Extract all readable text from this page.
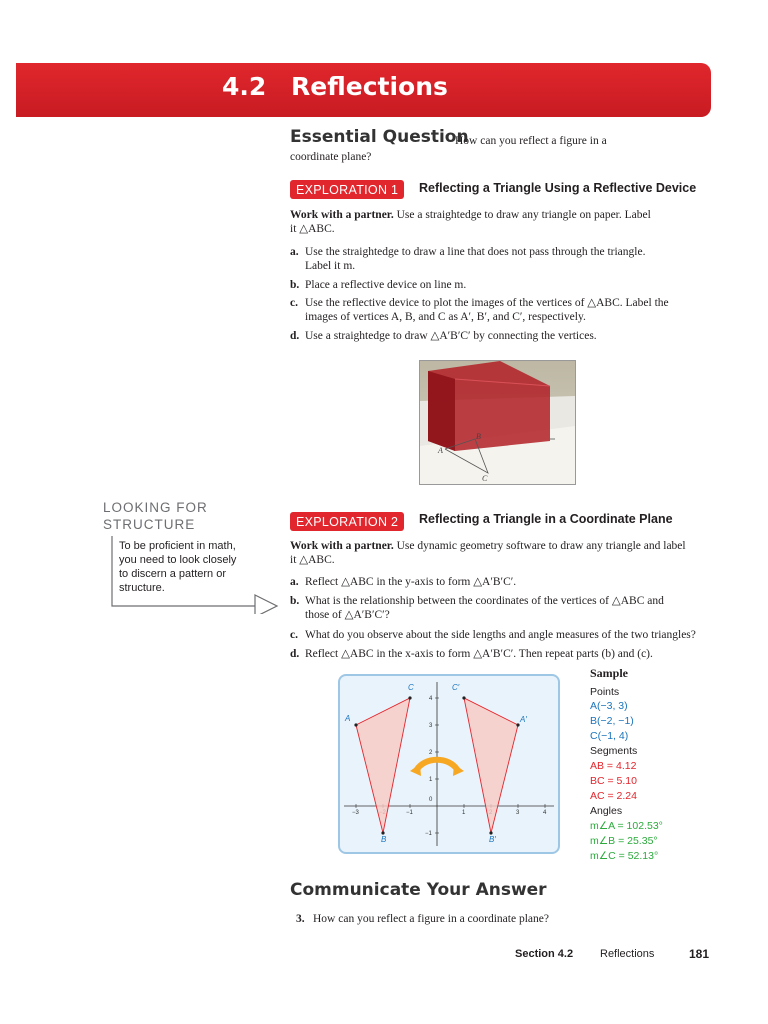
4.2 Reflections
Essential Question
How can you reflect a figure in a
coordinate plane?
EXPLORATION 1	Reflecting a Triangle Using a Reflective Device
Work with a partner. Use a straightedge to draw any triangle on paper. Label
it △ABC.
a. Use the straightedge to draw a line that does not pass through the triangle.
Label it m.
b. Place a reflective device on line m.
c. Use the reflective device to plot the images of the vertices of △ABC. Label the
images of vertices A, B, and C as A′, B′, and C′, respectively.
d. Use a straightedge to draw △A′B′C′ by connecting the vertices.
A
B
C
LOOKING FOR
STRUCTURE
To be proficient in math,
you need to look closely
to discern a pattern or
structure.
EXPLORATION 2	Reflecting a Triangle in a Coordinate Plane
Work with a partner. Use dynamic geometry software to draw any triangle and label
it △ABC.
a. Reflect △ABC in the y-axis to form △A′B′C′.
b. What is the relationship between the coordinates of the vertices of △ABC and
those of △A′B′C′?
c. What do you observe about the side lengths and angle measures of the two triangles?
d. Reflect △ABC in the x-axis to form △A′B′C′. Then repeat parts (b) and (c).
−3	−1
0
1	3	4
4
3
2
1
−1
A
B
C
A′
B′
C′
Sample
Points
A(−3, 3)
B(−2, −1)
C(−1, 4)
Segments
AB = 4.12
BC = 5.10
AC = 2.24
Angles
m∠A = 102.53°
m∠B = 25.35°
m∠C = 52.13°
Communicate Your Answer
3. How can you reflect a figure in a coordinate plane?
Section 4.2 Reflections	181
